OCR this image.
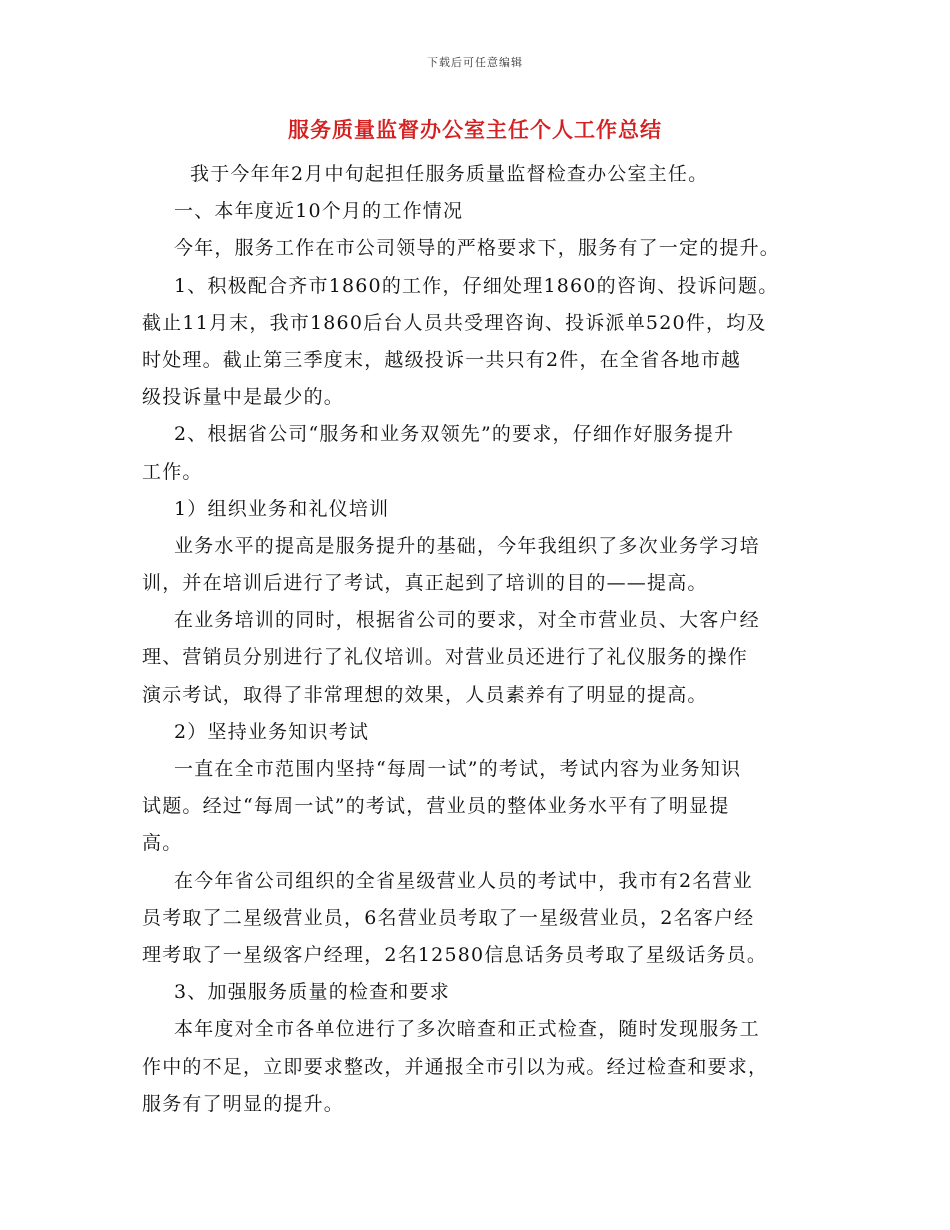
下载后可任意编辑
服务质量监督办公室主任个人工作总结
我于今年年2月中旬起担任服务质量监督检查办公室主任。
一、本年度近10个月的工作情况
今年，服务工作在市公司领导的严格要求下，服务有了一定的提升。
1、积极配合齐市1860的工作，仔细处理1860的咨询、投诉问题。
截止11月末，我市1860后台人员共受理咨询、投诉派单520件，均及
时处理。截止第三季度末，越级投诉一共只有2件，在全省各地市越
级投诉量中是最少的。
2、根据省公司“服务和业务双领先”的要求，仔细作好服务提升
工作。
1）组织业务和礼仪培训
业务水平的提高是服务提升的基础，今年我组织了多次业务学习培
训，并在培训后进行了考试，真正起到了培训的目的——提高。
在业务培训的同时，根据省公司的要求，对全市营业员、大客户经
理、营销员分别进行了礼仪培训。对营业员还进行了礼仪服务的操作
演示考试，取得了非常理想的效果，人员素养有了明显的提高。
2）坚持业务知识考试
一直在全市范围内坚持“每周一试”的考试，考试内容为业务知识
试题。经过“每周一试”的考试，营业员的整体业务水平有了明显提
高。
在今年省公司组织的全省星级营业人员的考试中，我市有2名营业
员考取了二星级营业员，6名营业员考取了一星级营业员，2名客户经
理考取了一星级客户经理，2名12580信息话务员考取了星级话务员。
3、加强服务质量的检查和要求
本年度对全市各单位进行了多次暗查和正式检查，随时发现服务工
作中的不足，立即要求整改，并通报全市引以为戒。经过检查和要求，
服务有了明显的提升。
